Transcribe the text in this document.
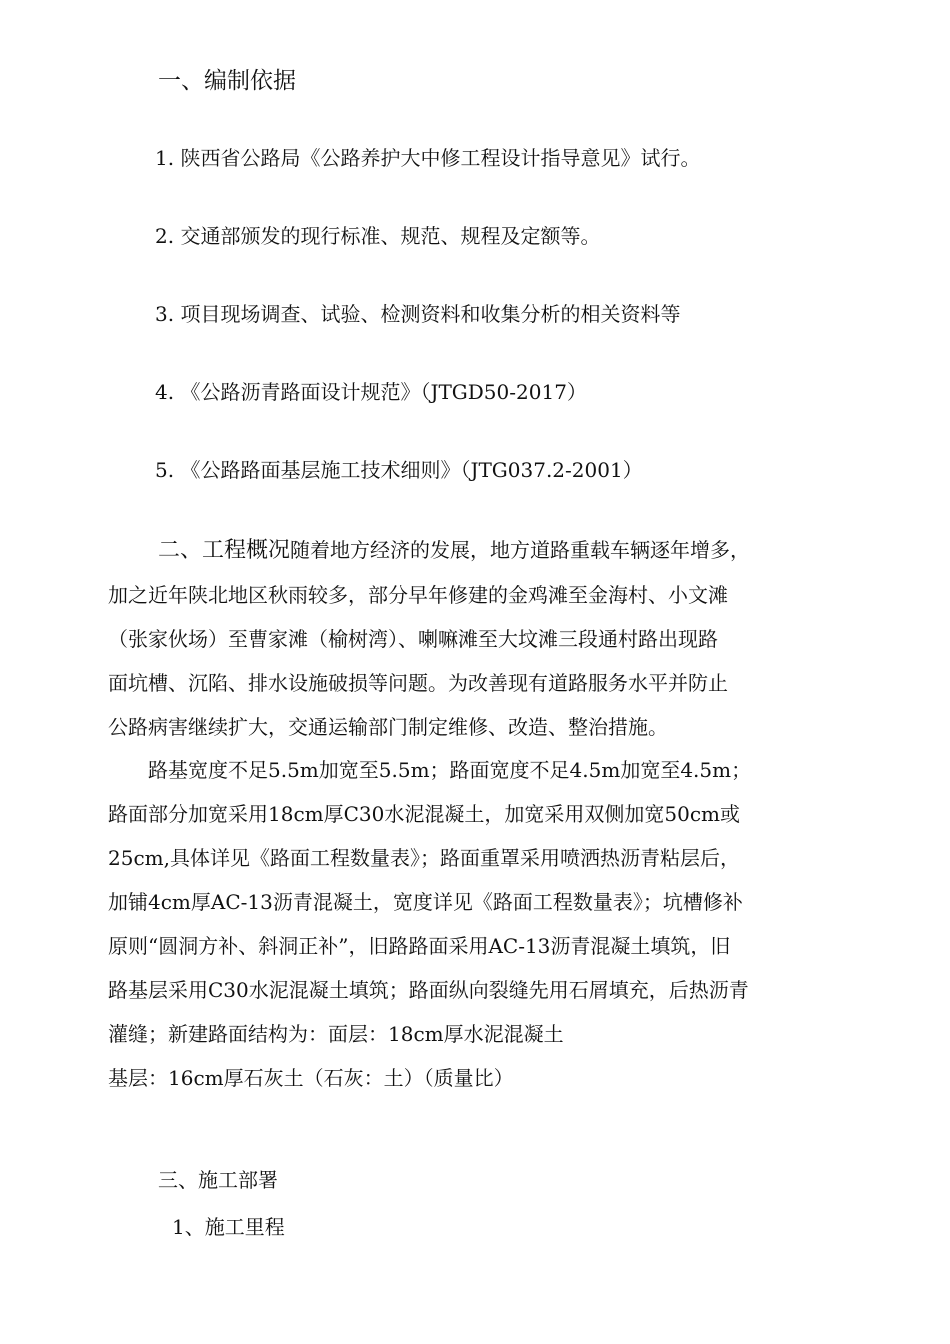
一、编制依据

1. 陕西省公路局《公路养护大中修工程设计指导意见》试行。

2. 交通部颁发的现行标准、规范、规程及定额等。

3. 项目现场调查、试验、检测资料和收集分析的相关资料等

4. 《公路沥青路面设计规范》（JTGD50-2017）

5. 《公路路面基层施工技术细则》（JTG037.2-2001）

二、工程概况随着地方经济的发展，地方道路重载车辆逐年增多，
加之近年陕北地区秋雨较多，部分早年修建的金鸡滩至金海村、小文滩
（张家伙场）至曹家滩（榆树湾）、喇嘛滩至大坟滩三段通村路出现路
面坑槽、沉陷、排水设施破损等问题。为改善现有道路服务水平并防止
公路病害继续扩大，交通运输部门制定维修、改造、整治措施。
　　路基宽度不足5.5m加宽至5.5m；路面宽度不足4.5m加宽至4.5m；
路面部分加宽采用18cm厚C30水泥混凝土，加宽采用双侧加宽50cm或
25cm,具体详见《路面工程数量表》；路面重罩采用喷洒热沥青粘层后，
加铺4cm厚AC-13沥青混凝土，宽度详见《路面工程数量表》；坑槽修补
原则“圆洞方补、斜洞正补”，旧路路面采用AC-13沥青混凝土填筑，旧
路基层采用C30水泥混凝土填筑；路面纵向裂缝先用石屑填充，后热沥青
灌缝；新建路面结构为：面层：18cm厚水泥混凝土
基层：16cm厚石灰土（石灰：土）（质量比）

三、施工部署

1、施工里程
